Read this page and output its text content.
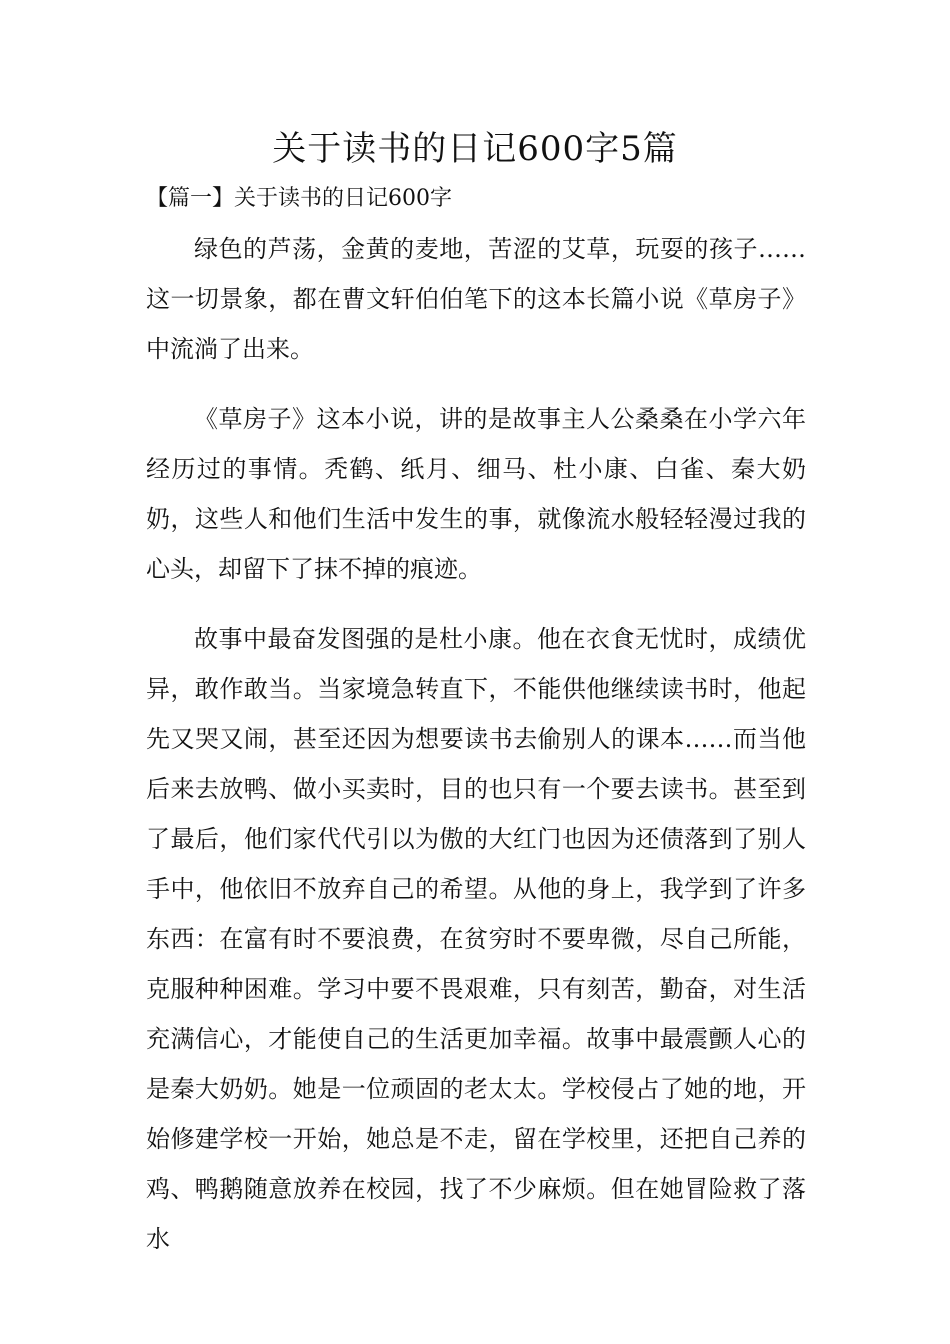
关于读书的日记600字5篇
【篇一】关于读书的日记600字

绿色的芦荡，金黄的麦地，苦涩的艾草，玩耍的孩子……这一切景象，都在曹文轩伯伯笔下的这本长篇小说《草房子》中流淌了出来。

《草房子》这本小说，讲的是故事主人公桑桑在小学六年经历过的事情。秃鹤、纸月、细马、杜小康、白雀、秦大奶奶，这些人和他们生活中发生的事，就像流水般轻轻漫过我的心头，却留下了抹不掉的痕迹。

故事中最奋发图强的是杜小康。他在衣食无忧时，成绩优异，敢作敢当。当家境急转直下，不能供他继续读书时，他起先又哭又闹，甚至还因为想要读书去偷别人的课本……而当他后来去放鸭、做小买卖时，目的也只有一个要去读书。甚至到了最后，他们家代代引以为傲的大红门也因为还债落到了别人手中，他依旧不放弃自己的希望。从他的身上，我学到了许多东西：在富有时不要浪费，在贫穷时不要卑微，尽自己所能，克服种种困难。学习中要不畏艰难，只有刻苦，勤奋，对生活充满信心，才能使自己的生活更加幸福。故事中最震颤人心的是秦大奶奶。她是一位顽固的老太太。学校侵占了她的地，开始修建学校一开始，她总是不走，留在学校里，还把自己养的鸡、鸭鹅随意放养在校园，找了不少麻烦。但在她冒险救了落水
